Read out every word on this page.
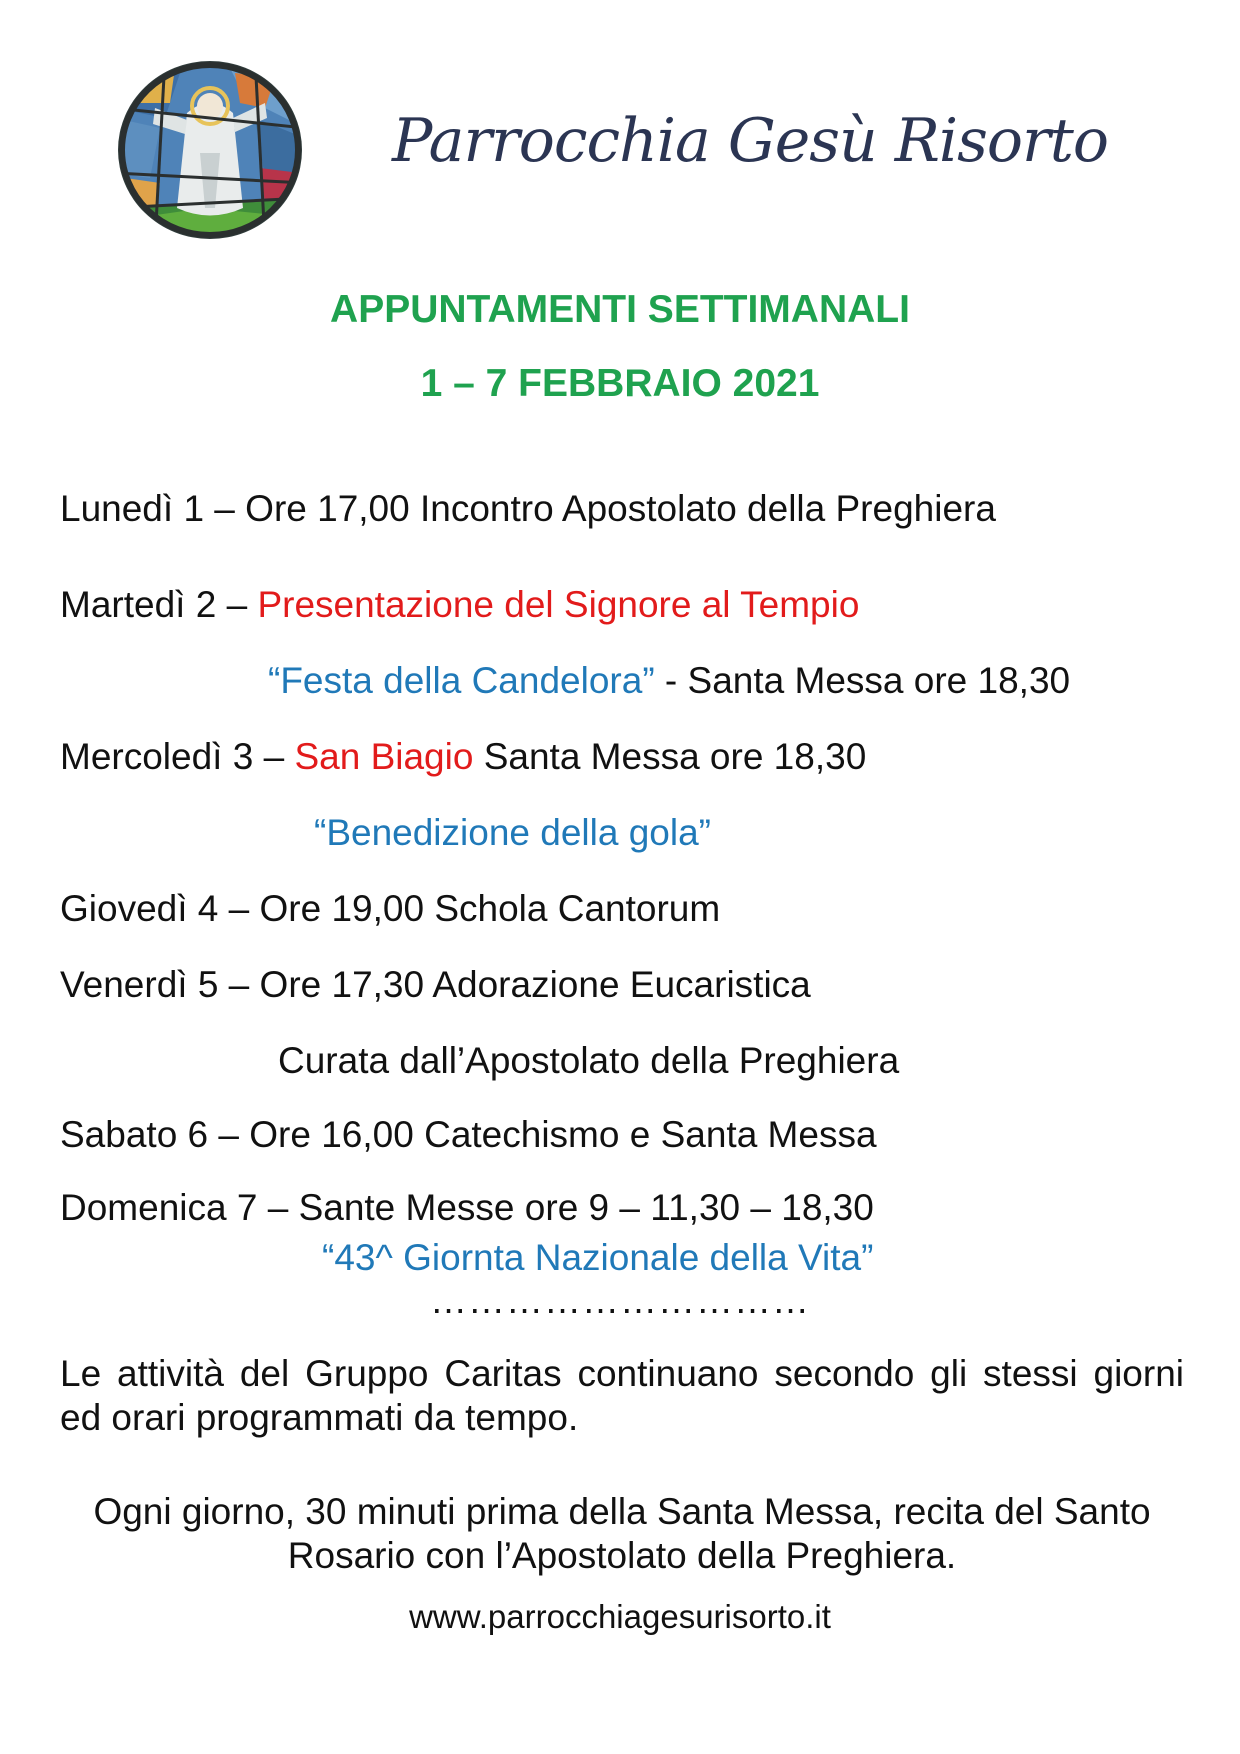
Parrocchia Gesù Risorto
APPUNTAMENTI SETTIMANALI
1 – 7 FEBBRAIO 2021
Lunedì 1 – Ore 17,00 Incontro Apostolato della Preghiera
Martedì 2 – Presentazione del Signore al Tempio
“Festa della Candelora” - Santa Messa ore 18,30
Mercoledì 3 – San Biagio Santa Messa ore 18,30
“Benedizione della gola”
Giovedì 4 – Ore 19,00 Schola Cantorum
Venerdì 5 – Ore 17,30 Adorazione Eucaristica
Curata dall’Apostolato della Preghiera
Sabato 6 – Ore 16,00 Catechismo e Santa Messa
Domenica 7 – Sante Messe ore 9 – 11,30 – 18,30
“43^ Giornta Nazionale della Vita”
…………………………
Le attività del Gruppo Caritas continuano secondo gli stessi giorni ed orari programmati da tempo.
Ogni giorno, 30 minuti prima della Santa Messa, recita del Santo Rosario con l’Apostolato della Preghiera.
www.parrocchiagesurisorto.it
